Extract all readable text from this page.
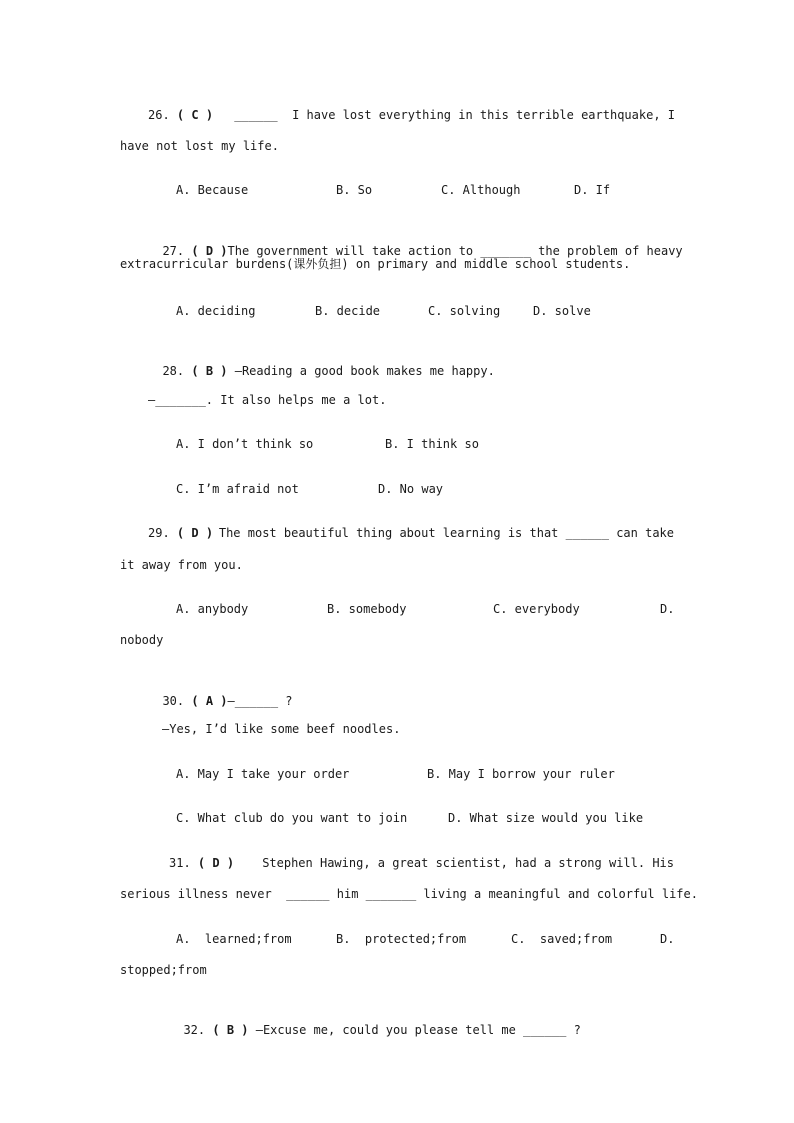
26. ( C ) ______  I have lost everything in this terrible earthquake, I
have not lost my life.
A. Because	B. So	C. Although	D. If

27. ( D )The government will take action to _______ the problem of heavy

extracurricular burdens(课外负担) on primary and middle school students.
A. deciding	B. decide	C. solving	D. solve

28. ( B ) —Reading a good book makes me happy.

—_______. It also helps me a lot.
A. I don’t think so	B. I think so
C. I’m afraid not	D. No way
29. ( D ) The most beautiful thing about learning is that ______ can take
it away from you.
A. anybody	B. somebody	C. everybody	D.
nobody

30. ( A )—______ ?

—Yes, I’d like some beef noodles.
A. May I take your order	B. May I borrow your ruler
C. What club do you want to join	D. What size would you like
31. ( D ) Stephen Hawing, a great scientist, had a strong will. His
serious illness never  ______ him _______ living a meaningful and colorful life.
A.  learned;from	B.  protected;from	C.  saved;from	D.
stopped;from

32. ( B ) —Excuse me, could you please tell me ______ ?
